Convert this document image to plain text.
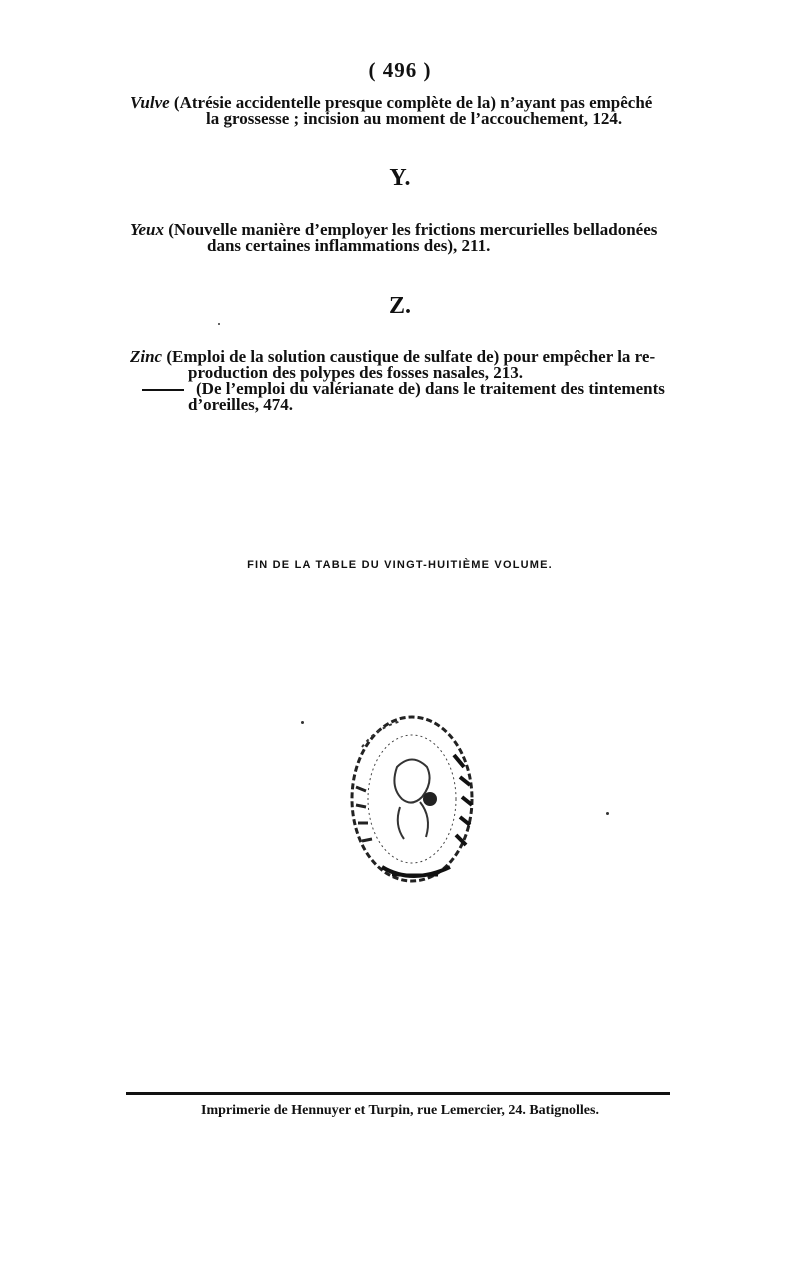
( 496 )
Vulve (Atrésie accidentelle presque complète de la) n’ayant pas empêché
la grossesse ; incision au moment de l’accouchement, 124.
Y.
Yeux (Nouvelle manière d’employer les frictions mercurielles belladonées
dans certaines inflammations des), 211.
Z.
Zinc (Emploi de la solution caustique de sulfate de) pour empêcher la re-
production des polypes des fosses nasales, 213.
(De l’emploi du valérianate de) dans le traitement des tintements
d’oreilles, 474.
FIN DE LA TABLE DU VINGT-HUITIÈME VOLUME.
Imprimerie de Hennuyer et Turpin, rue Lemercier, 24. Batignolles.
